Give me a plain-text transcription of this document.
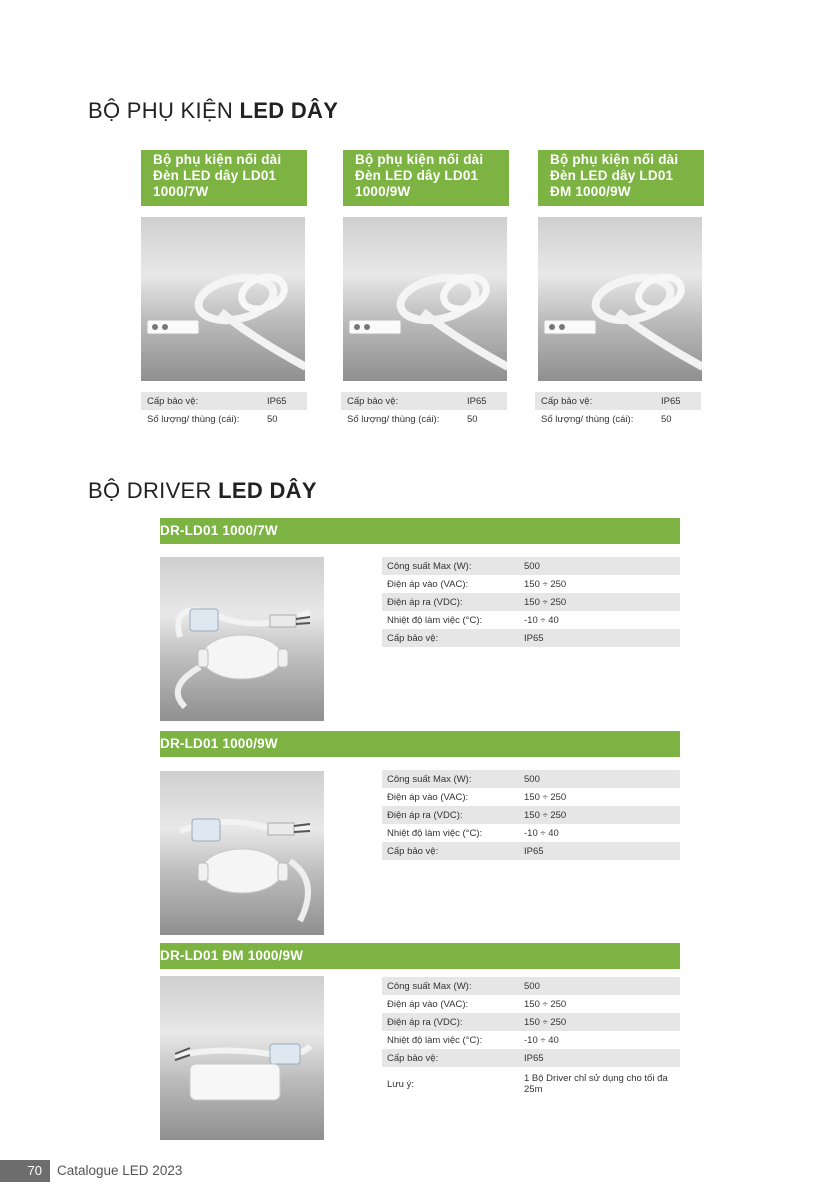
BỘ PHỤ KIỆN LED DÂY
Bộ phụ kiện nối dài Đèn LED dây LD01 1000/7W
Bộ phụ kiện nối dài Đèn LED dây LD01 1000/9W
Bộ phụ kiện nối dài Đèn LED dây LD01 ĐM 1000/9W
Cấp bảo vệ:	IP65
Số lượng/ thùng (cái):	50
Cấp bảo vệ:	IP65
Số lượng/ thùng (cái):	50
Cấp bảo vệ:	IP65
Số lượng/ thùng (cái):	50
BỘ DRIVER LED DÂY
DR-LD01 1000/7W
Công suất Max (W):	500
Điện áp vào (VAC):	150 ÷ 250
Điện áp ra (VDC):	150 ÷ 250
Nhiệt độ làm việc (°C):	-10 ÷ 40
Cấp bảo vệ:	IP65
DR-LD01 1000/9W
Công suất Max (W):	500
Điện áp vào (VAC):	150 ÷ 250
Điện áp ra (VDC):	150 ÷ 250
Nhiệt độ làm việc (°C):	-10 ÷ 40
Cấp bảo vệ:	IP65
DR-LD01 ĐM 1000/9W
Công suất Max (W):	500
Điện áp vào (VAC):	150 ÷ 250
Điện áp ra (VDC):	150 ÷ 250
Nhiệt độ làm việc (°C):	-10 ÷ 40
Cấp bảo vệ:	IP65
Lưu ý:	1 Bộ Driver chỉ sử dụng cho tối đa 25m
70	Catalogue LED 2023
